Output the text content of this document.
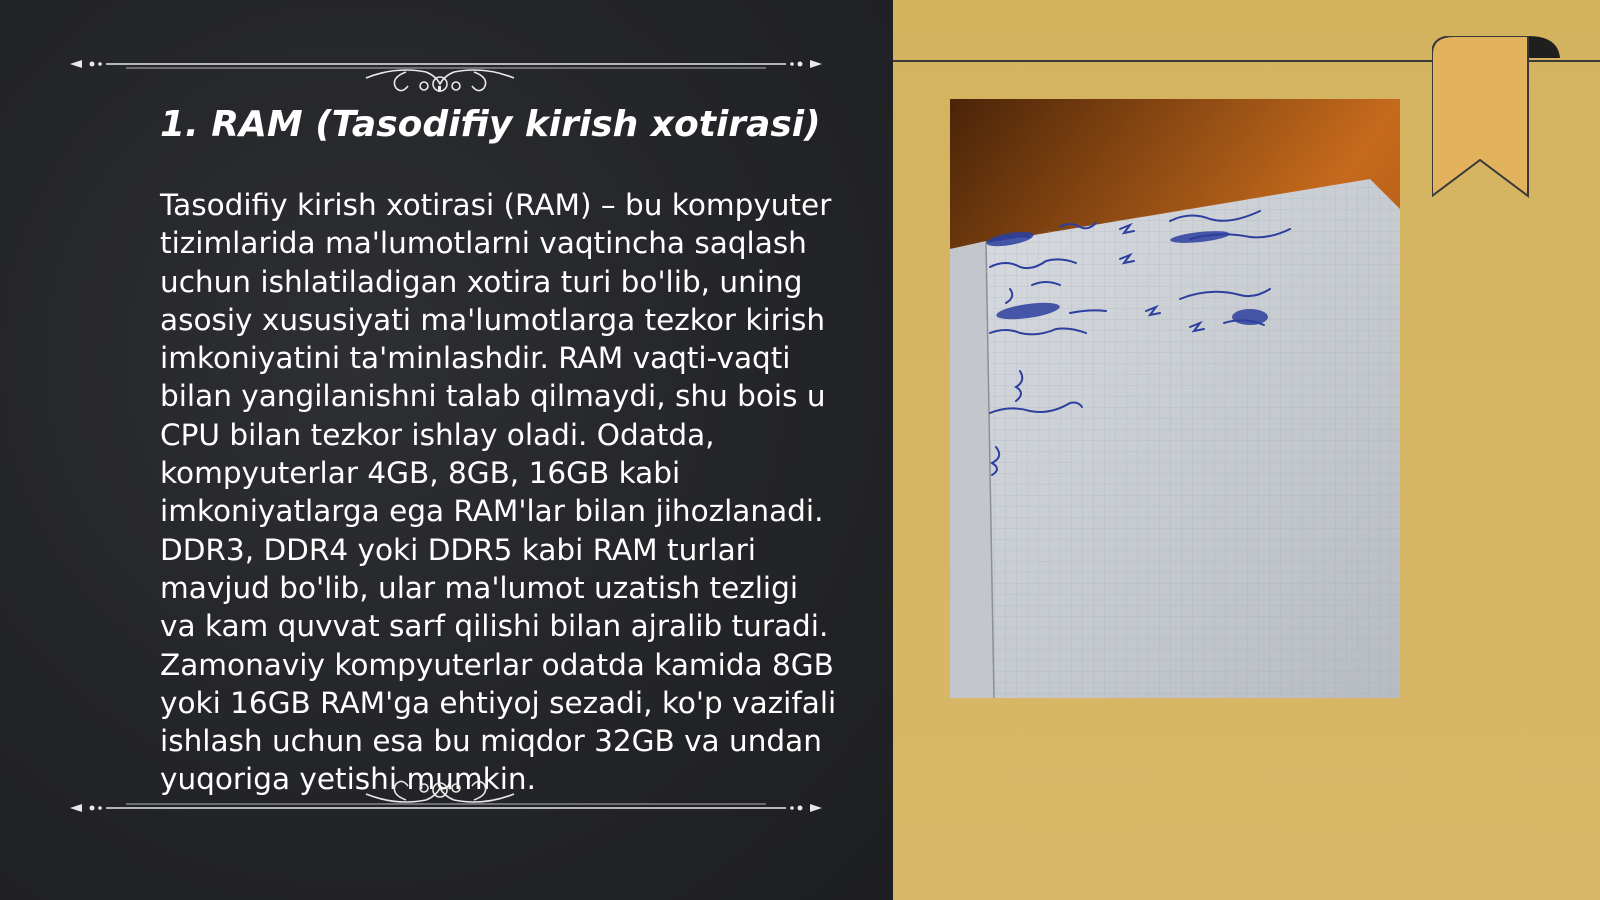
1. RAM (Tasodifiy kirish xotirasi)

Tasodifiy kirish xotirasi (RAM) – bu kompyuter tizimlarida ma'lumotlarni vaqtincha saqlash uchun ishlatiladigan xotira turi bo'lib, uning asosiy xususiyati ma'lumotlarga tezkor kirish imkoniyatini ta'minlashdir. RAM vaqti-vaqti bilan yangilanishni talab qilmaydi, shu bois u CPU bilan tezkor ishlay oladi. Odatda, kompyuterlar 4GB, 8GB, 16GB kabi imkoniyatlarga ega RAM'lar bilan jihozlanadi. DDR3, DDR4 yoki DDR5 kabi RAM turlari mavjud bo'lib, ular ma'lumot uzatish tezligi va kam quvvat sarf qilishi bilan ajralib turadi. Zamonaviy kompyuterlar odatda kamida 8GB yoki 16GB RAM'ga ehtiyoj sezadi, ko'p vazifali ishlash uchun esa bu miqdor 32GB va undan yuqoriga yetishi mumkin.
